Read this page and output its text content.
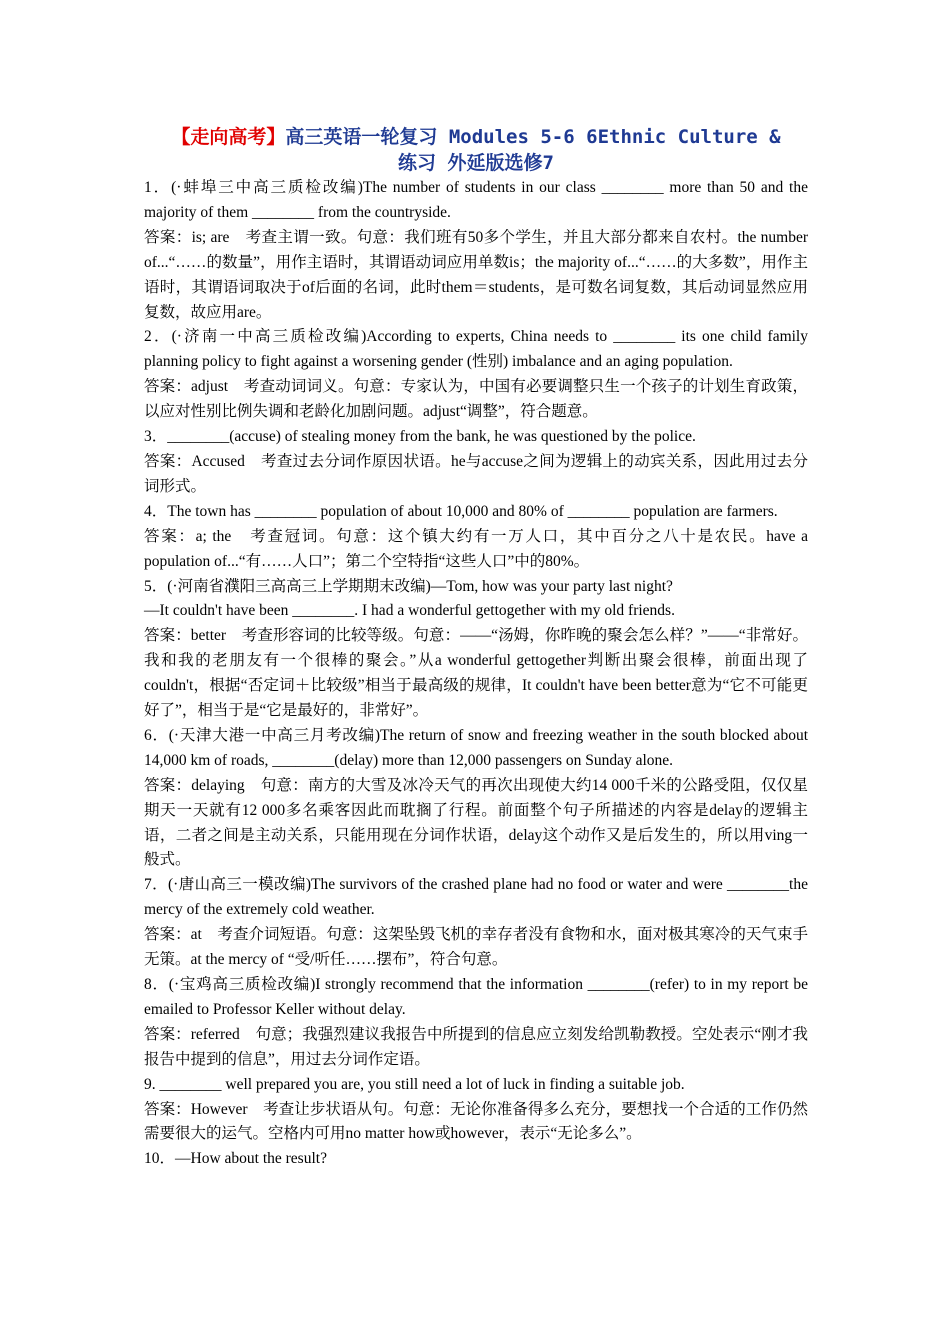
【走向高考】高三英语一轮复习 Modules 5-6 6Ethnic Culture &
练习 外延版选修7

1．(·蚌埠三中高三质检改编)The number of students in our class ________ more than 50 and the majority of them ________ from the countryside.

答案：is; are　考查主谓一致。句意：我们班有50多个学生，并且大部分都来自农村。the number of...“……的数量”，用作主语时，其谓语动词应用单数is；the majority of...“……的大多数”，用作主语时，其谓语词取决于of后面的名词，此时them＝students，是可数名词复数，其后动词显然应用复数，故应用are。

2．(·济南一中高三质检改编)According to experts, China needs to ________ its one child family planning policy to fight against a worsening gender (性别) imbalance and an aging population.

答案：adjust　考查动词词义。句意：专家认为，中国有必要调整只生一个孩子的计划生育政策，以应对性别比例失调和老龄化加剧问题。adjust“调整”，符合题意。

3．________(accuse) of stealing money from the bank, he was questioned by the police.

答案：Accused　考查过去分词作原因状语。he与accuse之间为逻辑上的动宾关系，因此用过去分词形式。

4．The town has ________ population of about 10,000 and 80% of ________ population are farmers.

答案：a; the　考查冠词。句意：这个镇大约有一万人口，其中百分之八十是农民。have a population of...“有……人口”；第二个空特指“这些人口”中的80%。

5．(·河南省濮阳三高高三上学期期末改编)—Tom, how was your party last night?

—It couldn't have been ________. I had a wonderful gettogether with my old friends.

答案：better　考查形容词的比较等级。句意：——“汤姆，你昨晚的聚会怎么样？”——“非常好。我和我的老朋友有一个很棒的聚会。”从a wonderful gettogether判断出聚会很棒，前面出现了couldn't，根据“否定词＋比较级”相当于最高级的规律，It couldn't have been better意为“它不可能更好了”，相当于是“它是最好的，非常好”。

6．(·天津大港一中高三月考改编)The return of snow and freezing weather in the south blocked about 14,000 km of roads, ________(delay) more than 12,000 passengers on Sunday alone.

答案：delaying　句意：南方的大雪及冰冷天气的再次出现使大约14 000千米的公路受阻，仅仅星期天一天就有12 000多名乘客因此而耽搁了行程。前面整个句子所描述的内容是delay的逻辑主语，二者之间是主动关系，只能用现在分词作状语，delay这个动作又是后发生的，所以用ving一般式。

7．(·唐山高三一模改编)The survivors of the crashed plane had no food or water and were ________the mercy of the extremely cold weather.

答案：at　考查介词短语。句意：这架坠毁飞机的幸存者没有食物和水，面对极其寒冷的天气束手无策。at the mercy of “受/听任……摆布”，符合句意。

8．(·宝鸡高三质检改编)I strongly recommend that the information ________(refer) to in my report be emailed to Professor Keller without delay.

答案：referred　句意；我强烈建议我报告中所提到的信息应立刻发给凯勒教授。空处表示“刚才我报告中提到的信息”，用过去分词作定语。

9. ________ well prepared you are, you still need a lot of luck in finding a suitable job.

答案：However　考查让步状语从句。句意：无论你准备得多么充分，要想找一个合适的工作仍然需要很大的运气。空格内可用no matter how或however，表示“无论多么”。

10．—How about the result?
